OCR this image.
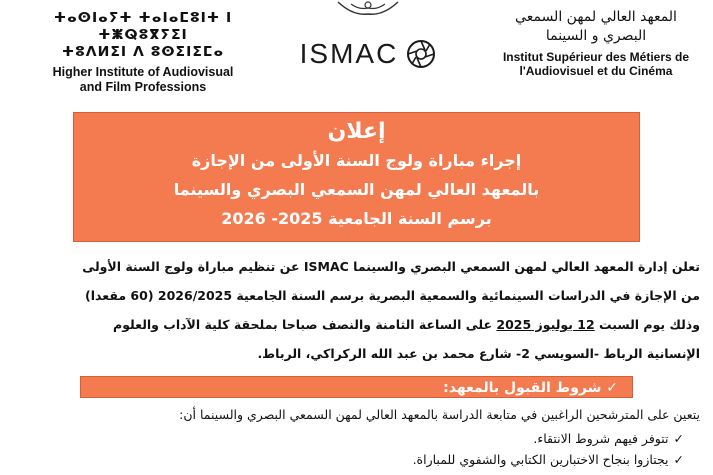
ⵜⴰⵙⵏⴰⵢⵜ ⵜⴰⵏⴰⵎⵓⵏⵜ ⵏ ⵜⵥⵕⵓⴳⵢⵉⵏ
ⵜⵓⴷⵍⵉⵏ ⴷ ⵓⵙⵉⵏⵉⵎⴰ
Higher Institute of Audiovisual
and Film Professions
ISMAC
المعهد العالي لمهن السمعي
البصري و السينما
Institut Supérieur des Métiers de
l'Audiovisuel et du Cinéma
إعلان
إجراء مباراة ولوج السنة الأولى من الإجازة
بالمعهد العالي لمهن السمعي البصري والسينما
برسم السنة الجامعية 2025- 2026
تعلن إدارة المعهد العالي لمهن السمعي البصري والسينما ISMAC عن تنظيم مباراة ولوج السنة الأولى
من الإجازة في الدراسات السينمائية والسمعية البصرية برسم السنة الجامعية 2026/2025 (60 مقعدا)
وذلك يوم السبت 12 يوليوز 2025 على الساعة الثامنة والنصف صباحا بملحقة كلية الآداب والعلوم
الإنسانية الرباط -السويسي 2- شارع محمد بن عبد الله الركراكي، الرباط.
✓ شروط القبول بالمعهد:
يتعين على المترشحين الراغبين في متابعة الدراسة بالمعهد العالي لمهن السمعي البصري والسينما أن:
✓تتوفر فيهم شروط الانتقاء.
✓يجتازوا بنجاح الاختبارين الكتابي والشفوي للمباراة.
